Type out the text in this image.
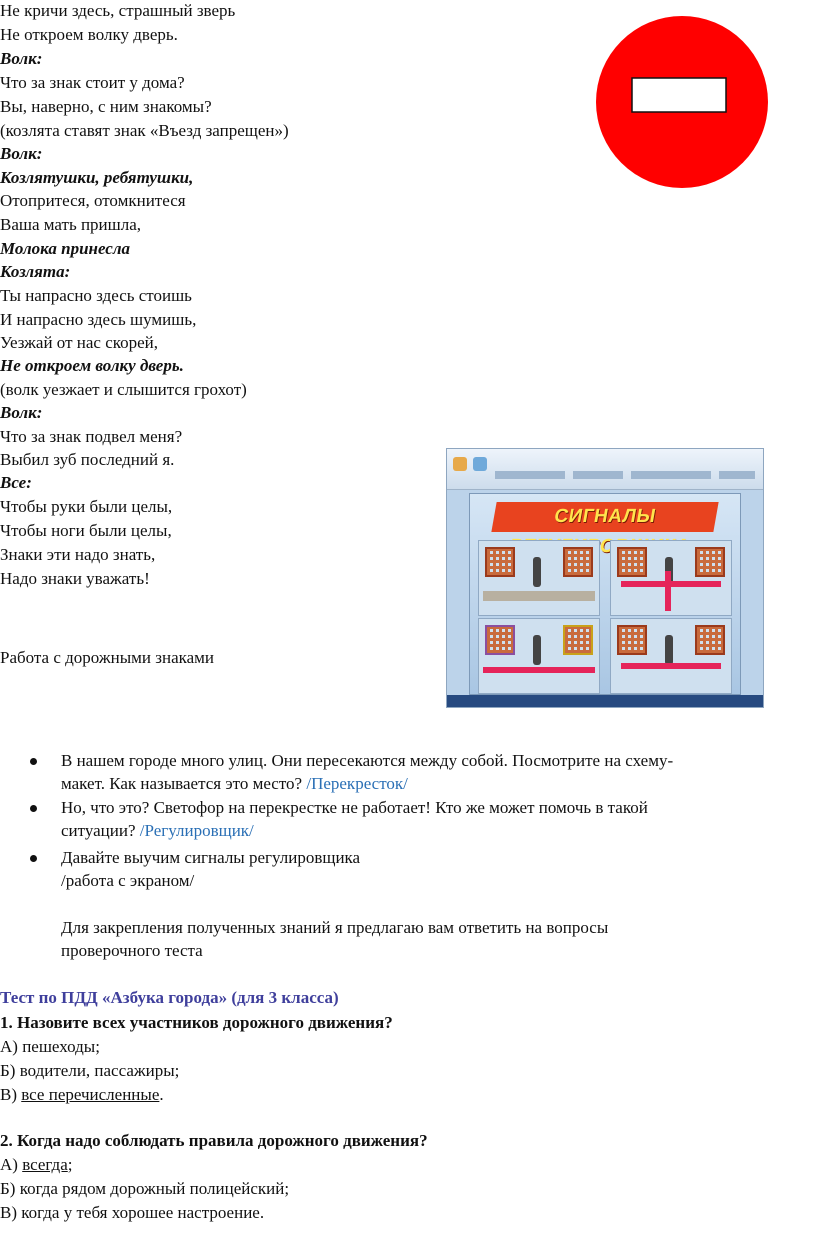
Не кричи здесь, страшный зверь
Не откроем волку дверь.
Волк:
Что за знак стоит у дома?
Вы, наверно, с ним знакомы?
(козлята ставят знак «Въезд запрещен»)
Волк:
Козлятушки, ребятушки,
Отопритеся, отомкнитеся
Ваша мать пришла,
Молока принесла
Козлята:
Ты напрасно здесь стоишь
И напрасно здесь шумишь,
Уезжай от нас скорей,
Не откроем волку дверь.
(волк уезжает и слышится грохот)
Волк:
Что за знак подвел меня?
Выбил зуб последний я.
Все:
Чтобы руки были целы,
Чтобы ноги были целы,
Знаки эти надо знать,
Надо знаки уважать!
Работа с дорожными знаками
СИГНАЛЫ
В нашем городе много улиц. Они пересекаются между собой. Посмотрите на схему-
макет. Как называется это место? /Перекресток/
Но, что это? Светофор на перекрестке не работает! Кто же может помочь в такой
ситуации? /Регулировщик/
Давайте выучим сигналы регулировщика
/работа с экраном/
Для закрепления полученных знаний я предлагаю вам ответить на вопросы
проверочного теста
Тест по ПДД «Азбука города» (для 3 класса)
1. Назовите всех участников дорожного движения?
А) пешеходы;
Б) водители, пассажиры;
В) все перечисленные.
2. Когда надо соблюдать правила дорожного движения?
А) всегда;
Б) когда рядом дорожный полицейский;
В) когда у тебя хорошее настроение.
